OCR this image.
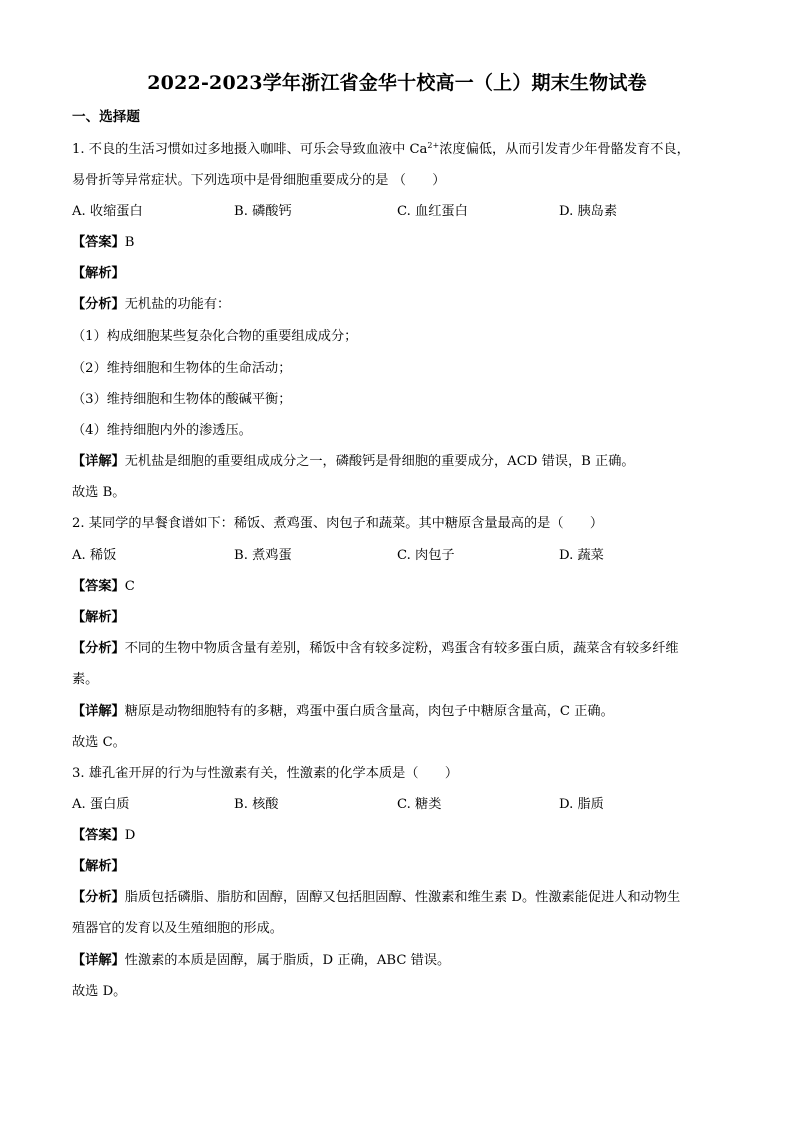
2022-2023学年浙江省金华十校高一（上）期末生物试卷
一、选择题
1. 不良的生活习惯如过多地摄入咖啡、可乐会导致血液中 $Ca^{2+}$浓度偏低，从而引发青少年骨骼发育不良，
易骨折等异常症状。下列选项中是骨细胞重要成分的是 （　　）
A. 收缩蛋白	B. 磷酸钙	C. 血红蛋白	D. 胰岛素
【答案】B
【解析】
【分析】无机盐的功能有：
（1）构成细胞某些复杂化合物的重要组成成分；
（2）维持细胞和生物体的生命活动；
（3）维持细胞和生物体的酸碱平衡；
（4）维持细胞内外的渗透压。
【详解】无机盐是细胞的重要组成成分之一，磷酸钙是骨细胞的重要成分，ACD 错误，B 正确。
故选 B。
2. 某同学的早餐食谱如下：稀饭、煮鸡蛋、肉包子和蔬菜。其中糖原含量最高的是（　　）
A. 稀饭	B. 煮鸡蛋	C. 肉包子	D. 蔬菜
【答案】C
【解析】
【分析】不同的生物中物质含量有差别，稀饭中含有较多淀粉，鸡蛋含有较多蛋白质，蔬菜含有较多纤维
素。
【详解】糖原是动物细胞特有的多糖，鸡蛋中蛋白质含量高，肉包子中糖原含量高，C 正确。
故选 C。
3. 雄孔雀开屏的行为与性激素有关，性激素的化学本质是（　　）
A. 蛋白质	B. 核酸	C. 糖类	D. 脂质
【答案】D
【解析】
【分析】脂质包括磷脂、脂肪和固醇，固醇又包括胆固醇、性激素和维生素 D。性激素能促进人和动物生
殖器官的发育以及生殖细胞的形成。
【详解】性激素的本质是固醇，属于脂质，D 正确，ABC 错误。
故选 D。
